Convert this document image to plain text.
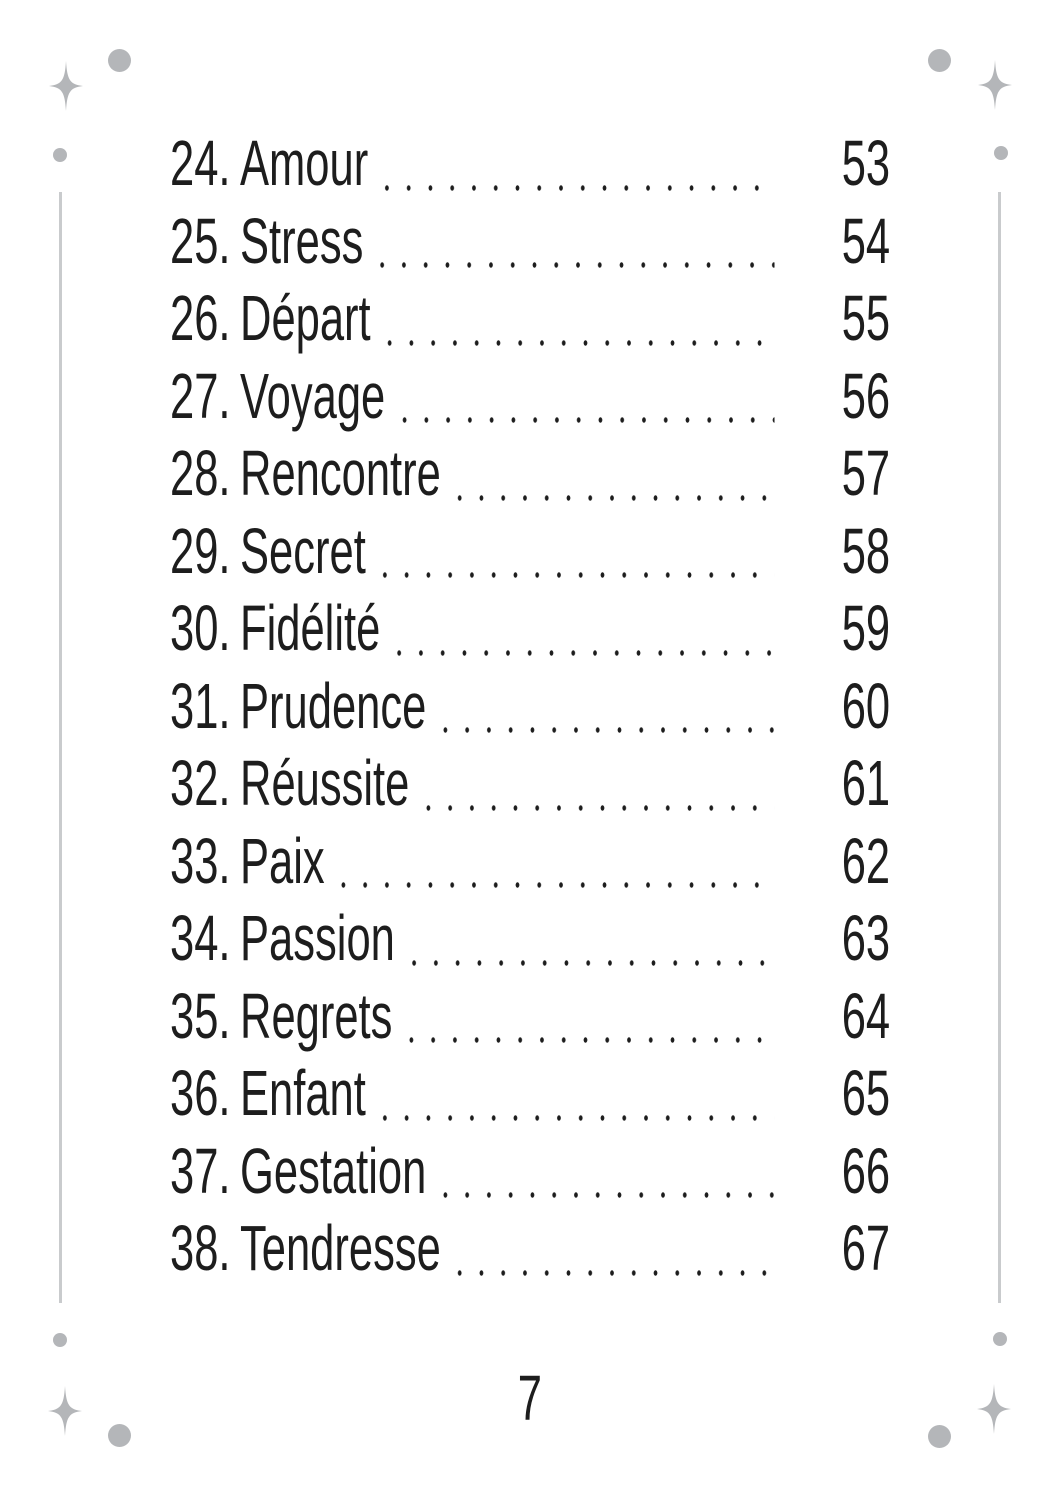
24. Amour	53
25. Stress	54
26. Départ	55
27. Voyage	56
28. Rencontre	57
29. Secret	58
30. Fidélité	59
31. Prudence	60
32. Réussite	61
33. Paix	62
34. Passion	63
35. Regrets	64
36. Enfant	65
37. Gestation	66
38. Tendresse	67
7
